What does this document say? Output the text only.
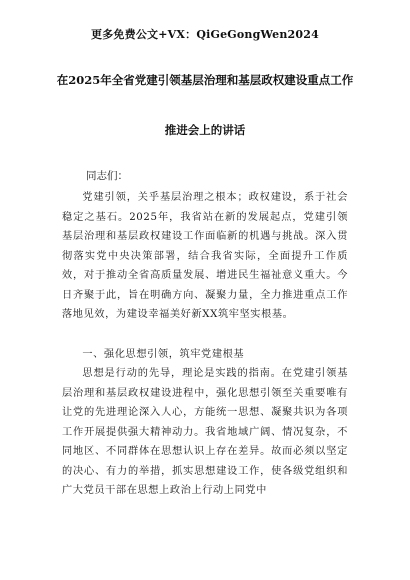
更多免费公文+VX：QiGeGongWen2024
在2025年全省党建引领基层治理和基层政权建设重点工作
推进会上的讲话
同志们：

党建引领，关乎基层治理之根本；政权建设，系于社会稳定之基石。2025年，我省站在新的发展起点，党建引领基层治理和基层政权建设工作面临新的机遇与挑战。深入贯彻落实党中央决策部署，结合我省实际，全面提升工作质效，对于推动全省高质量发展、增进民生福祉意义重大。今日齐聚于此，旨在明确方向、凝聚力量，全力推进重点工作落地见效，为建设幸福美好新XX筑牢坚实根基。

一、强化思想引领，筑牢党建根基

思想是行动的先导，理论是实践的指南。在党建引领基层治理和基层政权建设进程中，强化思想引领至关重要唯有让党的先进理论深入人心，方能统一思想、凝聚共识为各项工作开展提供强大精神动力。我省地域广阔、情况复杂，不同地区、不同群体在思想认识上存在差异。故而必须以坚定的决心、有力的举措，抓实思想建设工作，使各级党组织和广大党员干部在思想上政治上行动上同党中
